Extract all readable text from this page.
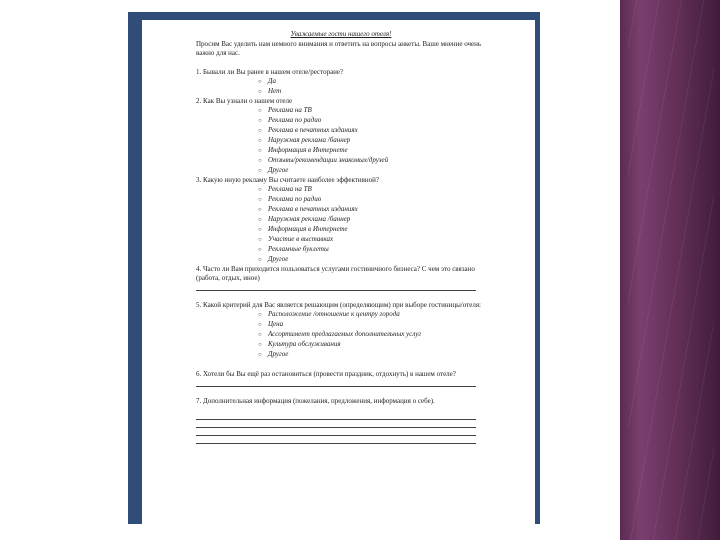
Уважаемые гости нашего отеля!
Просим Вас уделить нам немного внимания и ответить на вопросы анкеты. Ваше мнение очень важно для нас.
1. Бывали ли Вы ранее в нашем отеле/ресторане?
○ Да
○ Нет
2. Как Вы узнали о нашем отеле
○ Реклама на ТВ
○ Реклама по радио
○ Реклама в печатных изданиях
○ Наружная реклама /баннер
○ Информация в Интернете
○ Отзывы/рекомендации знакомых/друзей
○ Другое
3. Какую иную рекламу Вы считаете наиболее эффективной?
○ Реклама на ТВ
○ Реклама по радио
○ Реклама в печатных изданиях
○ Наружная реклама /баннер
○ Информация в Интернете
○ Участие в выставках
○ Рекламные буклеты
○ Другое
4. Часто ли Вам приходится пользоваться услугами гостиничного бизнеса? С чем это связано (работа, отдых, иное)
5. Какой критерий для Вас является решающим (определяющим) при выборе гостиницы/отеля:
○ Расположение /отношение к центру города
○ Цена
○ Ассортимент предлагаемых дополнительных услуг
○ Культура обслуживания
○ Другое
6. Хотели бы Вы ещё раз остановиться (провести праздник, отдохнуть) в нашем отеле?
7. Дополнительная информация (пожелания, предложения, информация о себе).
